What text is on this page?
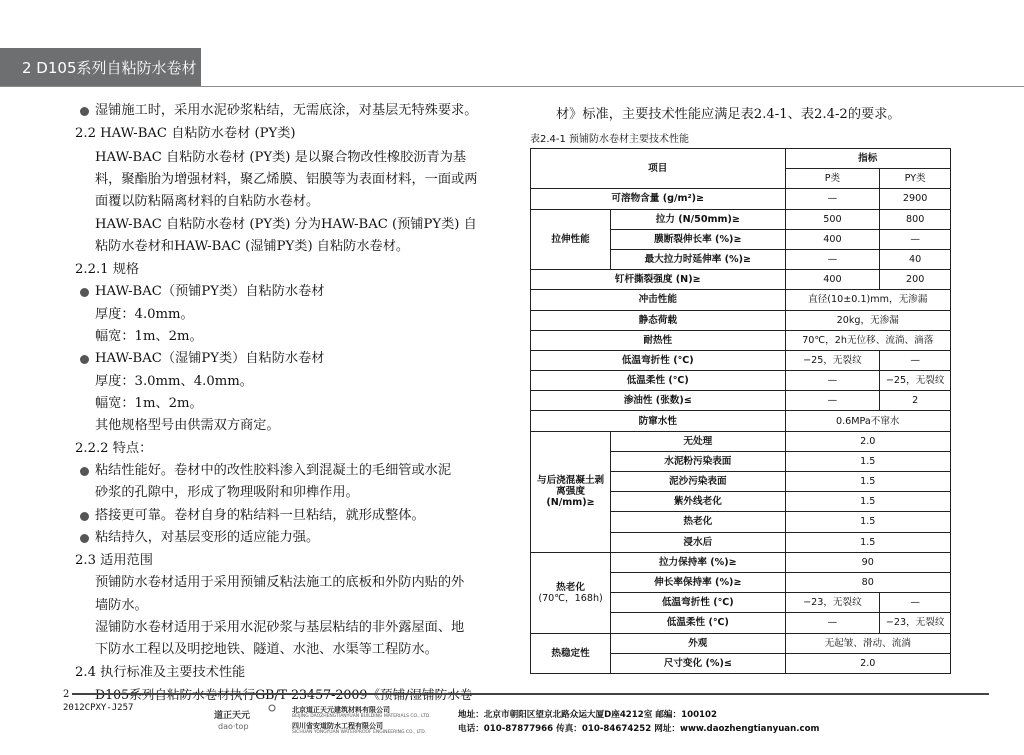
2 D105系列自粘防水卷材
湿铺施工时，采用水泥砂浆粘结，无需底涂，对基层无特殊要求。
2.2 HAW-BAC 自粘防水卷材 (PY类)
HAW-BAC 自粘防水卷材 (PY类) 是以聚合物改性橡胶沥青为基
料，聚酯胎为增强材料，聚乙烯膜、铝膜等为表面材料，一面或两
面覆以防粘隔离材料的自粘防水卷材。
HAW-BAC 自粘防水卷材 (PY类) 分为HAW-BAC (预铺PY类) 自
粘防水卷材和HAW-BAC (湿铺PY类) 自粘防水卷材。
2.2.1 规格
HAW-BAC（预铺PY类）自粘防水卷材
厚度：4.0mm。
幅宽：1m、2m。
HAW-BAC（湿铺PY类）自粘防水卷材
厚度：3.0mm、4.0mm。
幅宽：1m、2m。
其他规格型号由供需双方商定。
2.2.2 特点：
粘结性能好。卷材中的改性胶料渗入到混凝土的毛细管或水泥
砂浆的孔隙中，形成了物理吸附和卯榫作用。
搭接更可靠。卷材自身的粘结料一旦粘结，就形成整体。
粘结持久，对基层变形的适应能力强。
2.3 适用范围
预铺防水卷材适用于采用预铺反粘法施工的底板和外防内贴的外
墙防水。
湿铺防水卷材适用于采用水泥砂浆与基层粘结的非外露屋面、地
下防水工程以及明挖地铁、隧道、水池、水渠等工程防水。
2.4 执行标准及主要技术性能
材》标准，主要技术性能应满足表2.4-1、表2.4-2的要求。
表2.4-1 预铺防水卷材主要技术性能
项目		指标	
		P类	PY类
可溶物含量 (g/m²)≥		—	2900
拉伸性能	拉力 (N/50mm)≥	500	800
	膜断裂伸长率 (%)≥	400	—
	最大拉力时延伸率 (%)≥	—	40
钉杆撕裂强度 (N)≥		400	200
冲击性能		直径(10±0.1)mm，无渗漏	
静态荷载		20kg，无渗漏	
耐热性		70℃，2h无位移、流淌、滴落	
低温弯折性 (℃)		−25，无裂纹	—
低温柔性 (℃)		—	−25，无裂纹
渗油性 (张数)≤		—	2
防窜水性		0.6MPa不窜水	
与后浇混凝土剥离强度 (N/mm)≥	无处理	2.0	
	水泥粉污染表面	1.5	
	泥沙污染表面	1.5	
	紫外线老化	1.5	
	热老化	1.5	
	浸水后	1.5	

热老化
(70℃，168h)	拉力保持率 (%)≥	90	
	伸长率保持率 (%)≥	80	
	低温弯折性 (℃)	−23，无裂纹	—
	低温柔性 (℃)	—	−23，无裂纹
热稳定性	外观	无起皱、滑动、流淌	
	尺寸变化 (%)≤	2.0	
2
2012CPXY-J257
道正天元
dao·top
北京道正天元建筑材料有限公司
BEIJING DAOZHENGTIANYUAN BUILDING MATERIALS CO., LTD.
四川省安道防水工程有限公司
SICHUAN YONGYUAN WATERPROOF ENGINEERING CO., LTD.
地址：北京市朝阳区望京北路众运大厦D座4212室 邮编：100102
电话：010-87877966 传真：010-84674252 网址：www.daozhengtianyuan.com
